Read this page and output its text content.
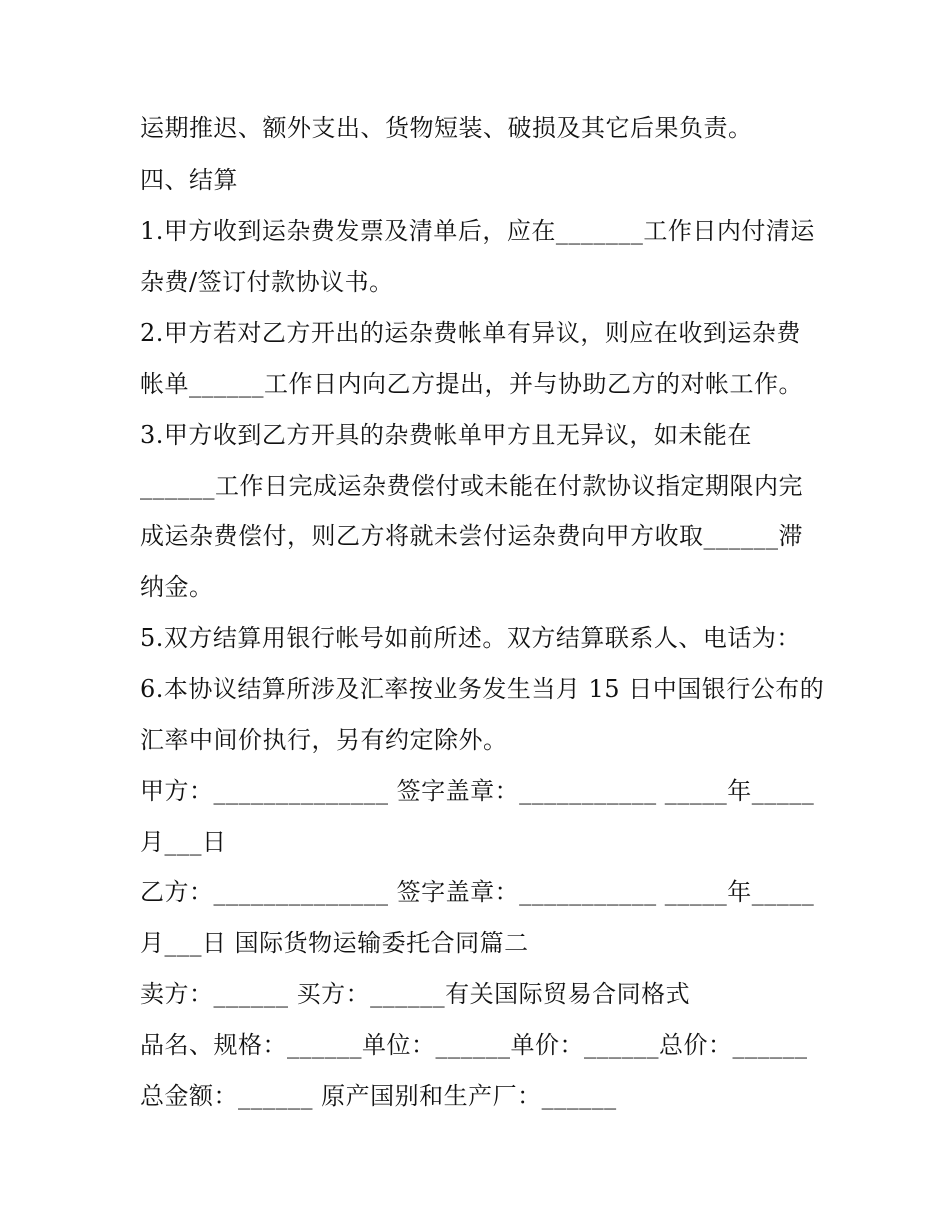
运期推迟、额外支出、货物短装、破损及其它后果负责。
四、结算
1.甲方收到运杂费发票及清单后，应在_______工作日内付清运
杂费/签订付款协议书。
2.甲方若对乙方开出的运杂费帐单有异议，则应在收到运杂费
帐单______工作日内向乙方提出，并与协助乙方的对帐工作。
3.甲方收到乙方开具的杂费帐单甲方且无异议，如未能在
______工作日完成运杂费偿付或未能在付款协议指定期限内完
成运杂费偿付，则乙方将就未尝付运杂费向甲方收取______滞
纳金。
5.双方结算用银行帐号如前所述。双方结算联系人、电话为：
6.本协议结算所涉及汇率按业务发生当月 15 日中国银行公布的
汇率中间价执行，另有约定除外。
甲方：______________ 签字盖章：___________ _____年_____
月___日
乙方：______________ 签字盖章：___________ _____年_____
月___日 国际货物运输委托合同篇二
卖方：______ 买方：______有关国际贸易合同格式
品名、规格：______单位：______单价：______总价：______
总金额：______ 原产国别和生产厂：______
